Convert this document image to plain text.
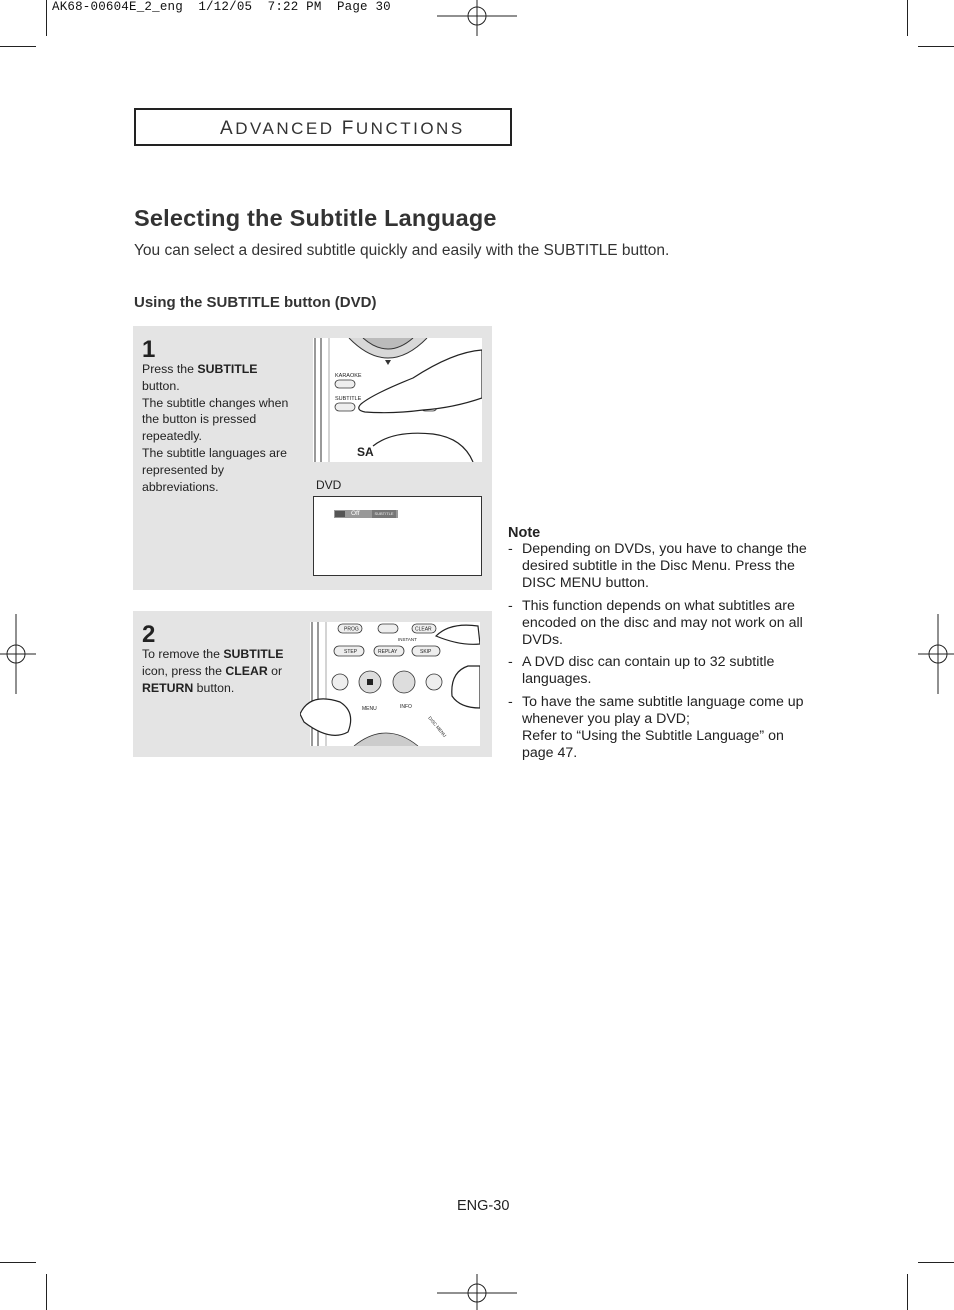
AK68-00604E_2_eng  1/12/05  7:22 PM  Page 30
ADVANCED FUNCTIONS
Selecting the Subtitle Language
You can select a desired subtitle quickly and easily with the SUBTITLE button.
Using the SUBTITLE button (DVD)
1
Press the SUBTITLE button.
The subtitle changes when the button is pressed repeatedly.
The subtitle languages are represented by abbreviations.
KARAOKE
SUBTITLE
SA
DVD
Off	SUBTITLE
2
To remove the SUBTITLE icon, press the CLEAR or RETURN button.
PROG	CLEAR
INSTANT
STEP	REPLAY	SKIP
MENU	INFO
DISC MENU
Note
- Depending on DVDs, you have to change the desired subtitle in the Disc Menu. Press the DISC MENU button.
- This function depends on what subtitles are encoded on the disc and may not work on all DVDs.
- A DVD disc can contain up to 32 subtitle languages.
- To have the same subtitle language come up whenever you play a DVD;
Refer to “Using the Subtitle Language” on page 47.
ENG-30
